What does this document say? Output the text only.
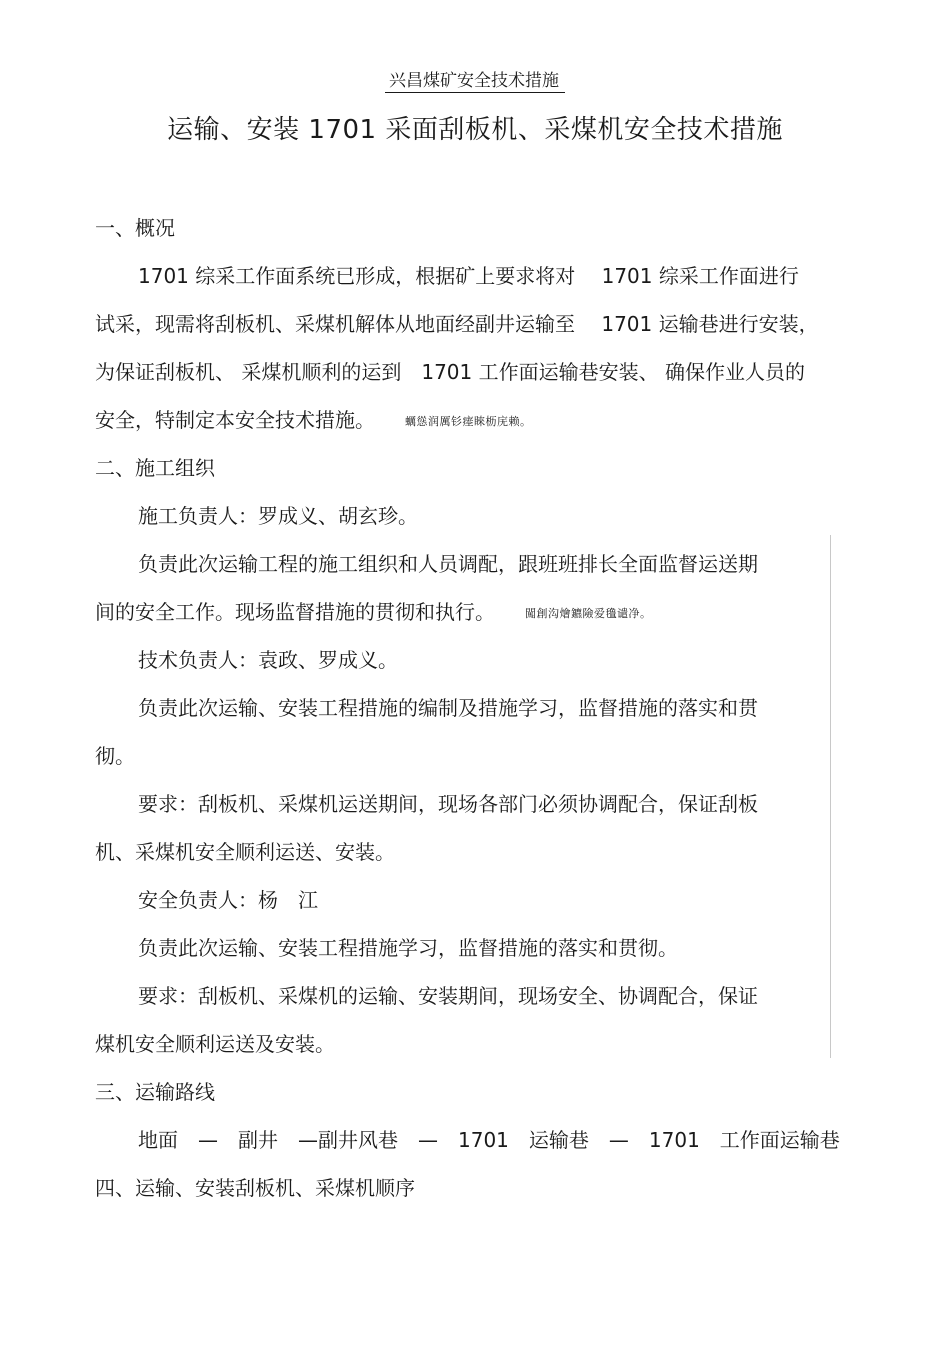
兴昌煤矿安全技术措施
运输、安装 1701 采面刮板机、采煤机安全技术措施
一、概况
1701 综采工作面系统已形成，根据矿上要求将对　 1701 综采工作面进行
试采，现需将刮板机、采煤机解体从地面经副井运输至　 1701 运输巷进行安装，
为保证刮板机、 采煤机顺利的运到　1701 工作面运输巷安装、 确保作业人员的
安全，特制定本安全技术措施。	蠣慫润厲钐瘗睞枥庑赖。
二、施工组织
施工负责人：罗成义、胡玄珍。
负责此次运输工程的施工组织和人员调配，跟班班排长全面监督运送期
间的安全工作。现场监督措施的贯彻和执行。	闖創沟燴鑣險爱氇谴净。
技术负责人：袁政、罗成义。
负责此次运输、安装工程措施的编制及措施学习，监督措施的落实和贯
彻。
要求：刮板机、采煤机运送期间，现场各部门必须协调配合，保证刮板
机、采煤机安全顺利运送、安装。
安全负责人：杨　江
负责此次运输、安装工程措施学习，监督措施的落实和贯彻。
要求：刮板机、采煤机的运输、安装期间，现场安全、协调配合，保证
煤机安全顺利运送及安装。
三、运输路线
地面　—　副井　—副井风巷　—　1701　运输巷　—　1701　工作面运输巷
四、运输、安装刮板机、采煤机顺序
